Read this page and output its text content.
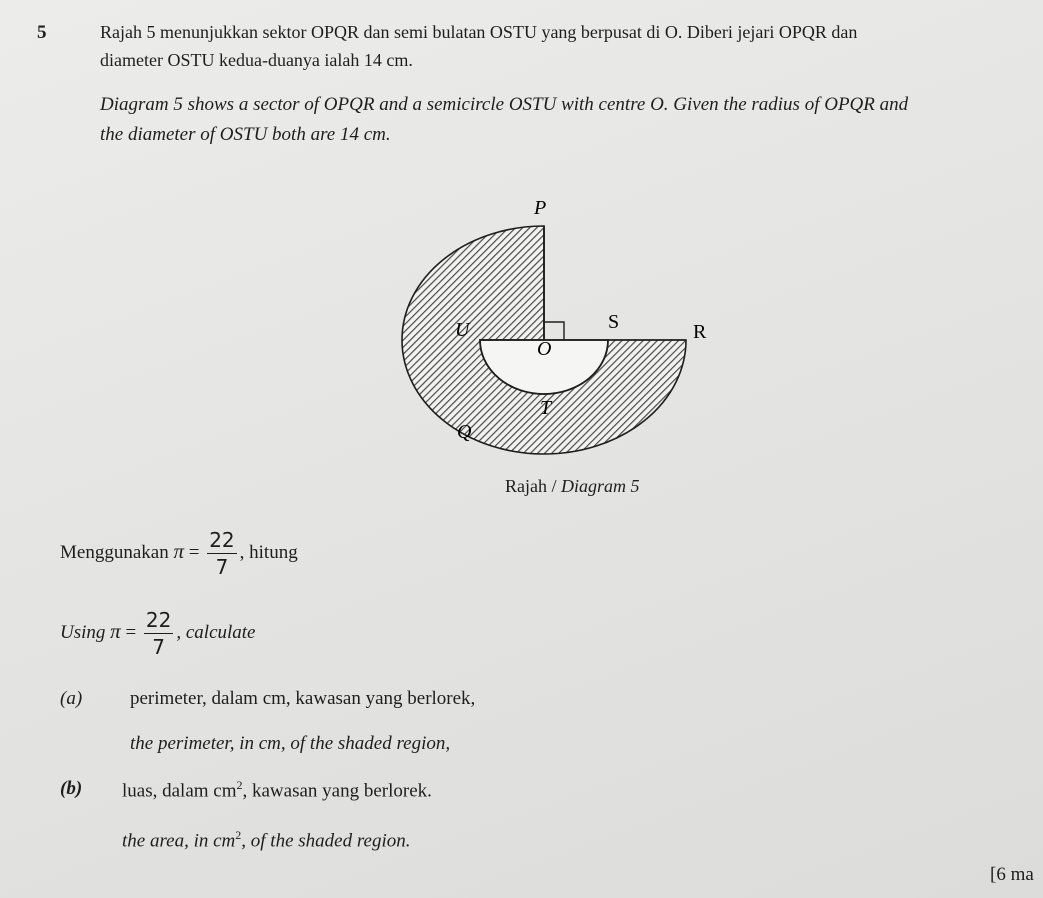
5	Rajah 5 menunjukkan sektor OPQR dan semi bulatan OSTU yang berpusat di O. Diberi jejari OPQR dan
diameter OSTU kedua-duanya ialah 14 cm.
Diagram 5 shows a sector of OPQR and a semicircle OSTU with centre O. Given the radius of OPQR and
the diameter of OSTU both are 14 cm.
P
U	S	R
O
T
Q
Rajah / Diagram 5
Menggunakan $\pi = \frac{22}{7}$ , hitung
Using $\pi = \frac{22}{7}$ , calculate
(a)	perimeter, dalam cm, kawasan yang berlorek,
the perimeter, in cm, of the shaded region,
(b) luas, dalam $cm^2$, kawasan yang berlorek.
the area, in $cm^2$, of the shaded region.
[6 ma
